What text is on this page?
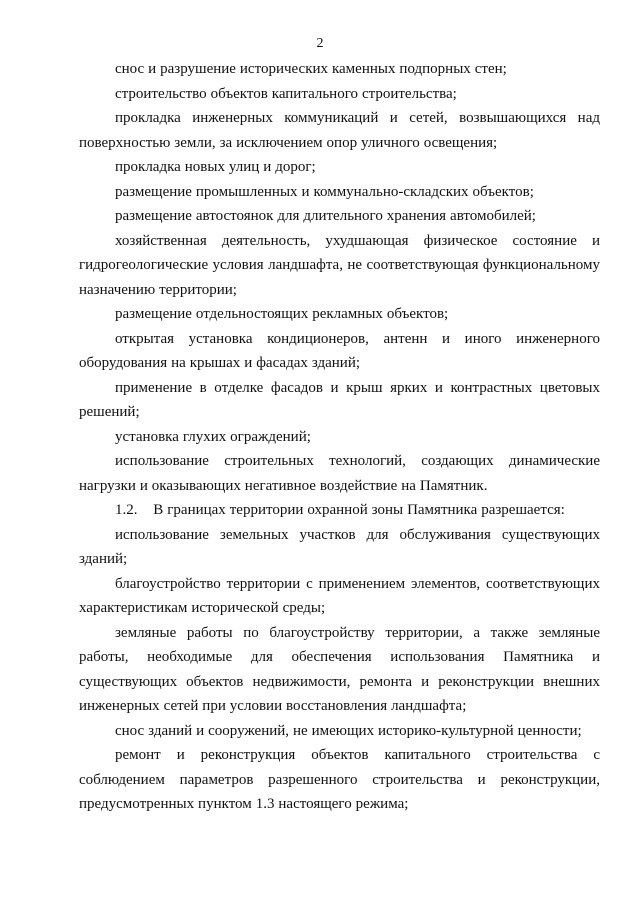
2

снос и разрушение исторических каменных подпорных стен;

строительство объектов капитального строительства;

прокладка инженерных коммуникаций и сетей, возвышающихся над поверхностью земли, за исключением опор уличного освещения;

прокладка новых улиц и дорог;

размещение промышленных и коммунально-складских объектов;

размещение автостоянок для длительного хранения автомобилей;

хозяйственная деятельность, ухудшающая физическое состояние и гидрогеологические условия ландшафта, не соответствующая функциональному назначению территории;

размещение отдельностоящих рекламных объектов;

открытая установка кондиционеров, антенн и иного инженерного оборудования на крышах и фасадах зданий;

применение в отделке фасадов и крыш ярких и контрастных цветовых решений;

установка глухих ограждений;

использование строительных технологий, создающих динамические нагрузки и оказывающих негативное воздействие на Памятник.

1.2.    В границах территории охранной зоны Памятника разрешается:

использование земельных участков для обслуживания существующих зданий;

благоустройство территории с применением элементов, соответствующих характеристикам исторической среды;

земляные работы по благоустройству территории, а также земляные работы, необходимые для обеспечения использования Памятника и существующих объектов недвижимости, ремонта и реконструкции внешних инженерных сетей при условии восстановления ландшафта;

снос зданий и сооружений, не имеющих историко-культурной ценности;

ремонт и реконструкция объектов капитального строительства с соблюдением параметров разрешенного строительства и реконструкции, предусмотренных пунктом 1.3 настоящего режима;
